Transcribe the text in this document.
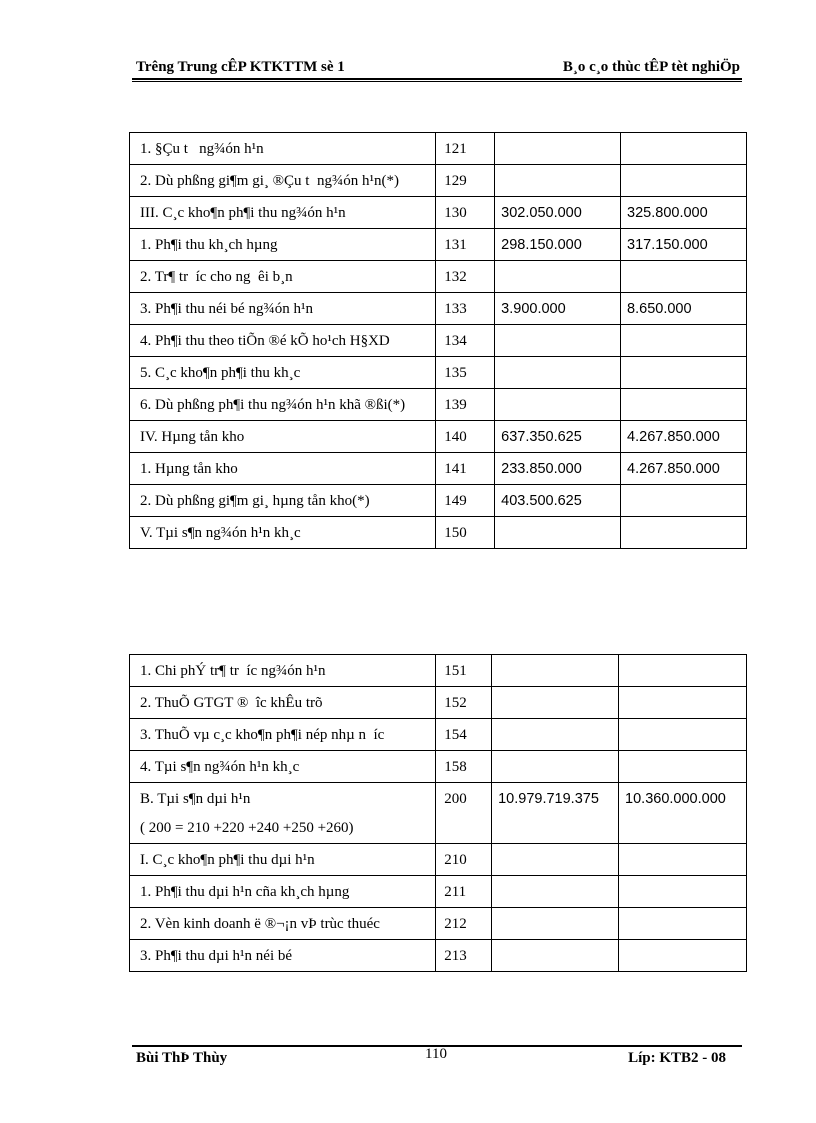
Trêng Trung cÊP KTKTTM sè 1	B¸o c¸o thùc tÊP tèt nghiÖp
1. §Çu t   ng¾ón h¹n	121		
2. Dù phßng gi¶m gi¸ ®Çu t  ng¾ón h¹n(*)	129		
III. C¸c kho¶n ph¶i thu ng¾ón h¹n	130	302.050.000	325.800.000
1. Ph¶i thu kh¸ch hµng	131	298.150.000	317.150.000
2. Tr¶ tr  íc cho ng  êi b¸n	132		
3. Ph¶i thu néi bé ng¾ón h¹n	133	3.900.000	8.650.000
4. Ph¶i thu theo tiÕn ®é kÕ ho¹ch H§XD	134		
5. C¸c kho¶n ph¶i thu kh¸c	135		
6. Dù phßng ph¶i thu ng¾ón h¹n khã ®ßi(*)	139		
IV. Hµng tån kho	140	637.350.625	4.267.850.000
1. Hµng tån kho	141	233.850.000	4.267.850.000
2. Dù phßng gi¶m gi¸ hµng tån kho(*)	149	403.500.625	
V. Tµi s¶n ng¾ón h¹n kh¸c	150		
1. Chi phÝ tr¶ tr  íc ng¾ón h¹n	151		
2. ThuÕ GTGT ®  îc khÊu trõ	152		
3. ThuÕ vµ c¸c kho¶n ph¶i nép nhµ n  íc	154		
4. Tµi s¶n ng¾ón h¹n kh¸c	158		

B. Tµi s¶n dµi h¹n
( 200 = 210 +220 +240 +250 +260)	200	10.979.719.375	10.360.000.000
I. C¸c kho¶n ph¶i thu dµi h¹n	210		
1. Ph¶i thu dµi h¹n cña kh¸ch hµng	211		
2. Vèn kinh doanh ë ®¬¡n vÞ trùc thuéc	212		
3. Ph¶i thu dµi h¹n néi bé	213		
Bùi ThÞ Thùy	110	Líp: KTB2 - 08
